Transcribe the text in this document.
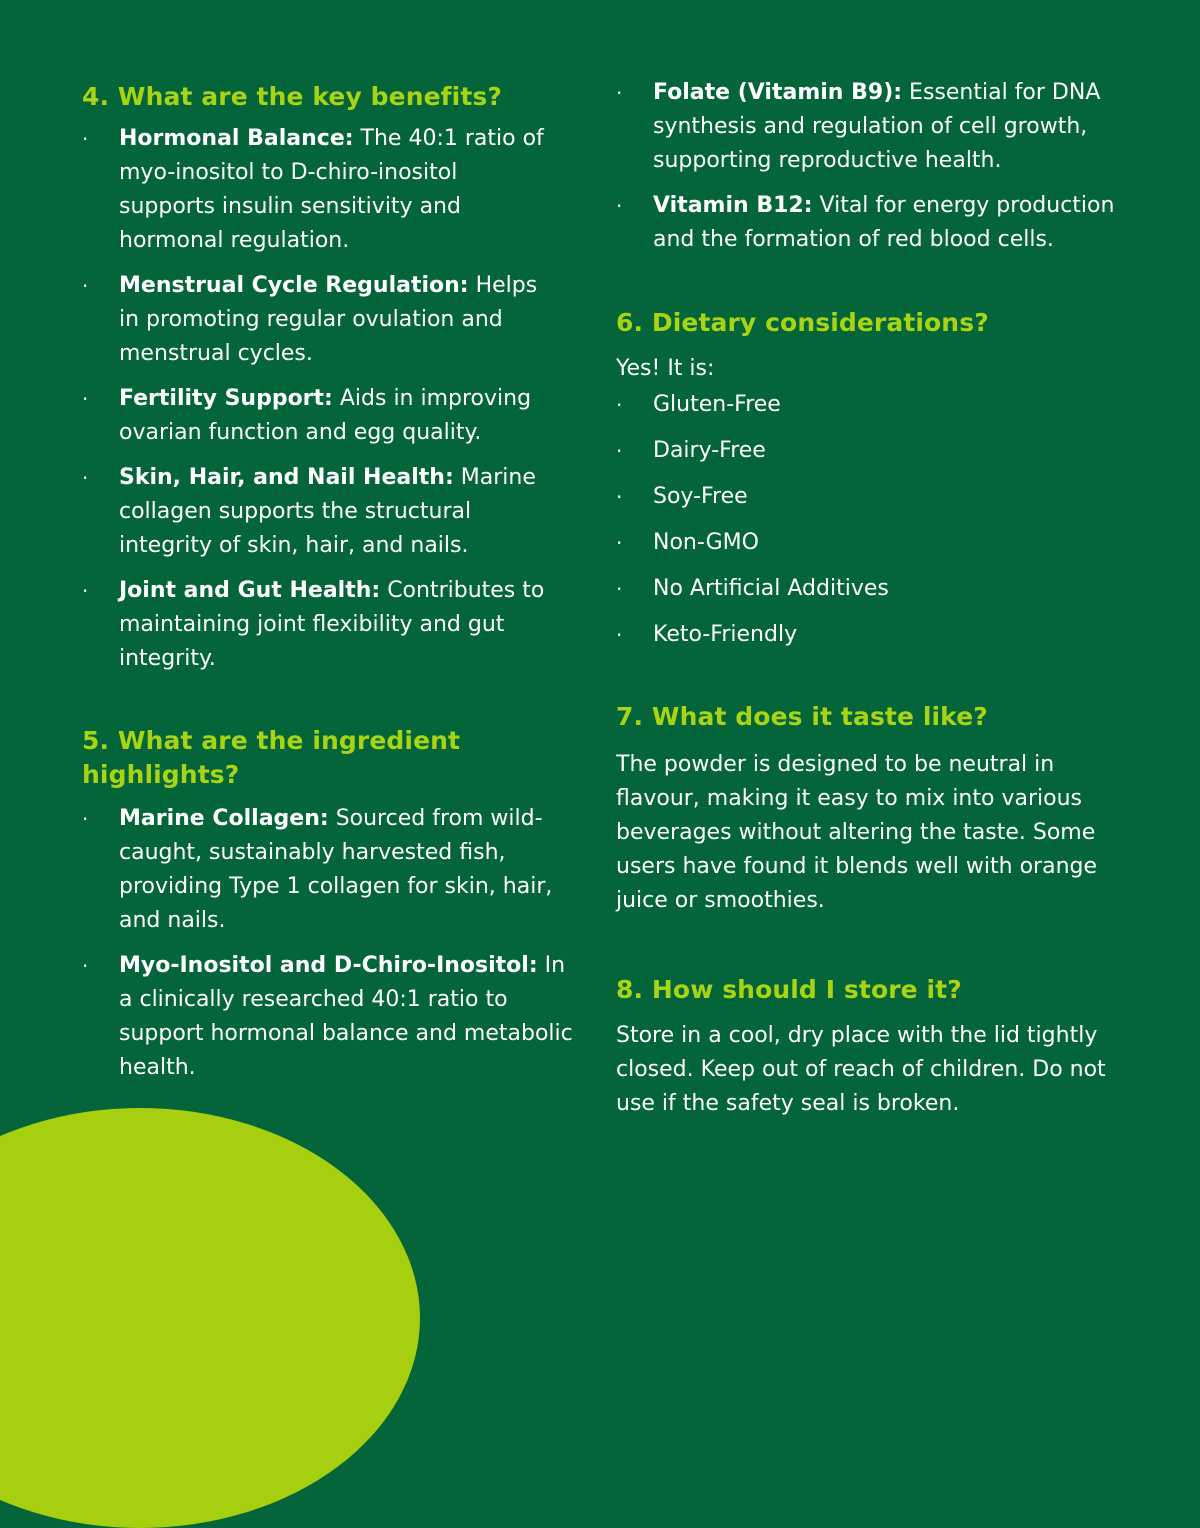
4. What are the key benefits?
· Hormonal Balance: The 40:1 ratio of myo-inositol to D-chiro-inositol supports insulin sensitivity and hormonal regulation.
· Menstrual Cycle Regulation: Helps in promoting regular ovulation and menstrual cycles.
· Fertility Support: Aids in improving ovarian function and egg quality.
· Skin, Hair, and Nail Health: Marine collagen supports the structural integrity of skin, hair, and nails.
· Joint and Gut Health: Contributes to maintaining joint flexibility and gut integrity.
5. What are the ingredient highlights?
· Marine Collagen: Sourced from wild-caught, sustainably harvested fish, providing Type 1 collagen for skin, hair, and nails.
· Myo-Inositol and D-Chiro-Inositol: In a clinically researched 40:1 ratio to support hormonal balance and metabolic health.
· Folate (Vitamin B9): Essential for DNA synthesis and regulation of cell growth, supporting reproductive health.
· Vitamin B12: Vital for energy production and the formation of red blood cells.
6. Dietary considerations?

Yes! It is:

· Gluten-Free
· Dairy-Free
· Soy-Free
· Non-GMO
· No Artificial Additives
· Keto-Friendly
7. What does it taste like?

The powder is designed to be neutral in flavour, making it easy to mix into various beverages without altering the taste. Some users have found it blends well with orange juice or smoothies.

8. How should I store it?

Store in a cool, dry place with the lid tightly closed. Keep out of reach of children. Do not use if the safety seal is broken.
